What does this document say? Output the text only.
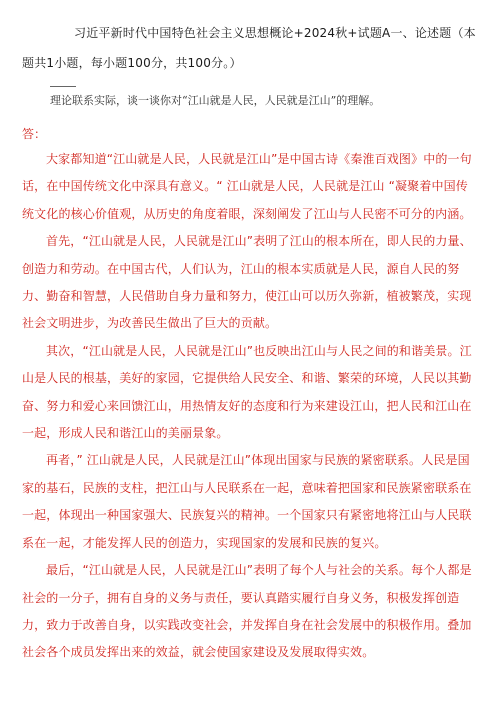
习近平新时代中国特色社会主义思想概论+2024秋+试题A一、论述题（本题共1小题，每小题100分，共100分。）
理论联系实际，谈一谈你对“江山就是人民，人民就是江山”的理解。
答：

大家都知道“江山就是人民，人民就是江山”是中国古诗《秦淮百戏图》中的一句话，在中国传统文化中深具有意义。“ 江山就是人民，人民就是江山 “凝聚着中国传统文化的核心价值观，从历史的角度着眼，深刻阐发了江山与人民密不可分的内涵。

首先，“江山就是人民，人民就是江山”表明了江山的根本所在，即人民的力量、创造力和劳动。在中国古代，人们认为，江山的根本实质就是人民，源自人民的努力、勤奋和智慧，人民借助自身力量和努力，使江山可以历久弥新，植被繁茂，实现社会文明进步，为改善民生做出了巨大的贡献。

其次，“江山就是人民，人民就是江山”也反映出江山与人民之间的和谐美景。江山是人民的根基，美好的家园，它提供给人民安全、和谐、繁荣的环境，人民以其勤奋、努力和爱心来回馈江山，用热情友好的态度和行为来建设江山，把人民和江山在一起，形成人民和谐江山的美丽景象。

再者，” 江山就是人民，人民就是江山”体现出国家与民族的紧密联系。人民是国家的基石，民族的支柱，把江山与人民联系在一起，意味着把国家和民族紧密联系在一起，体现出一种国家强大、民族复兴的精神。一个国家只有紧密地将江山与人民联系在一起，才能发挥人民的创造力，实现国家的发展和民族的复兴。

最后，“江山就是人民，人民就是江山”表明了每个人与社会的关系。每个人都是社会的一分子，拥有自身的义务与责任，要认真踏实履行自身义务，积极发挥创造力，致力于改善自身，以实践改变社会，并发挥自身在社会发展中的积极作用。叠加社会各个成员发挥出来的效益，就会使国家建设及发展取得实效。
